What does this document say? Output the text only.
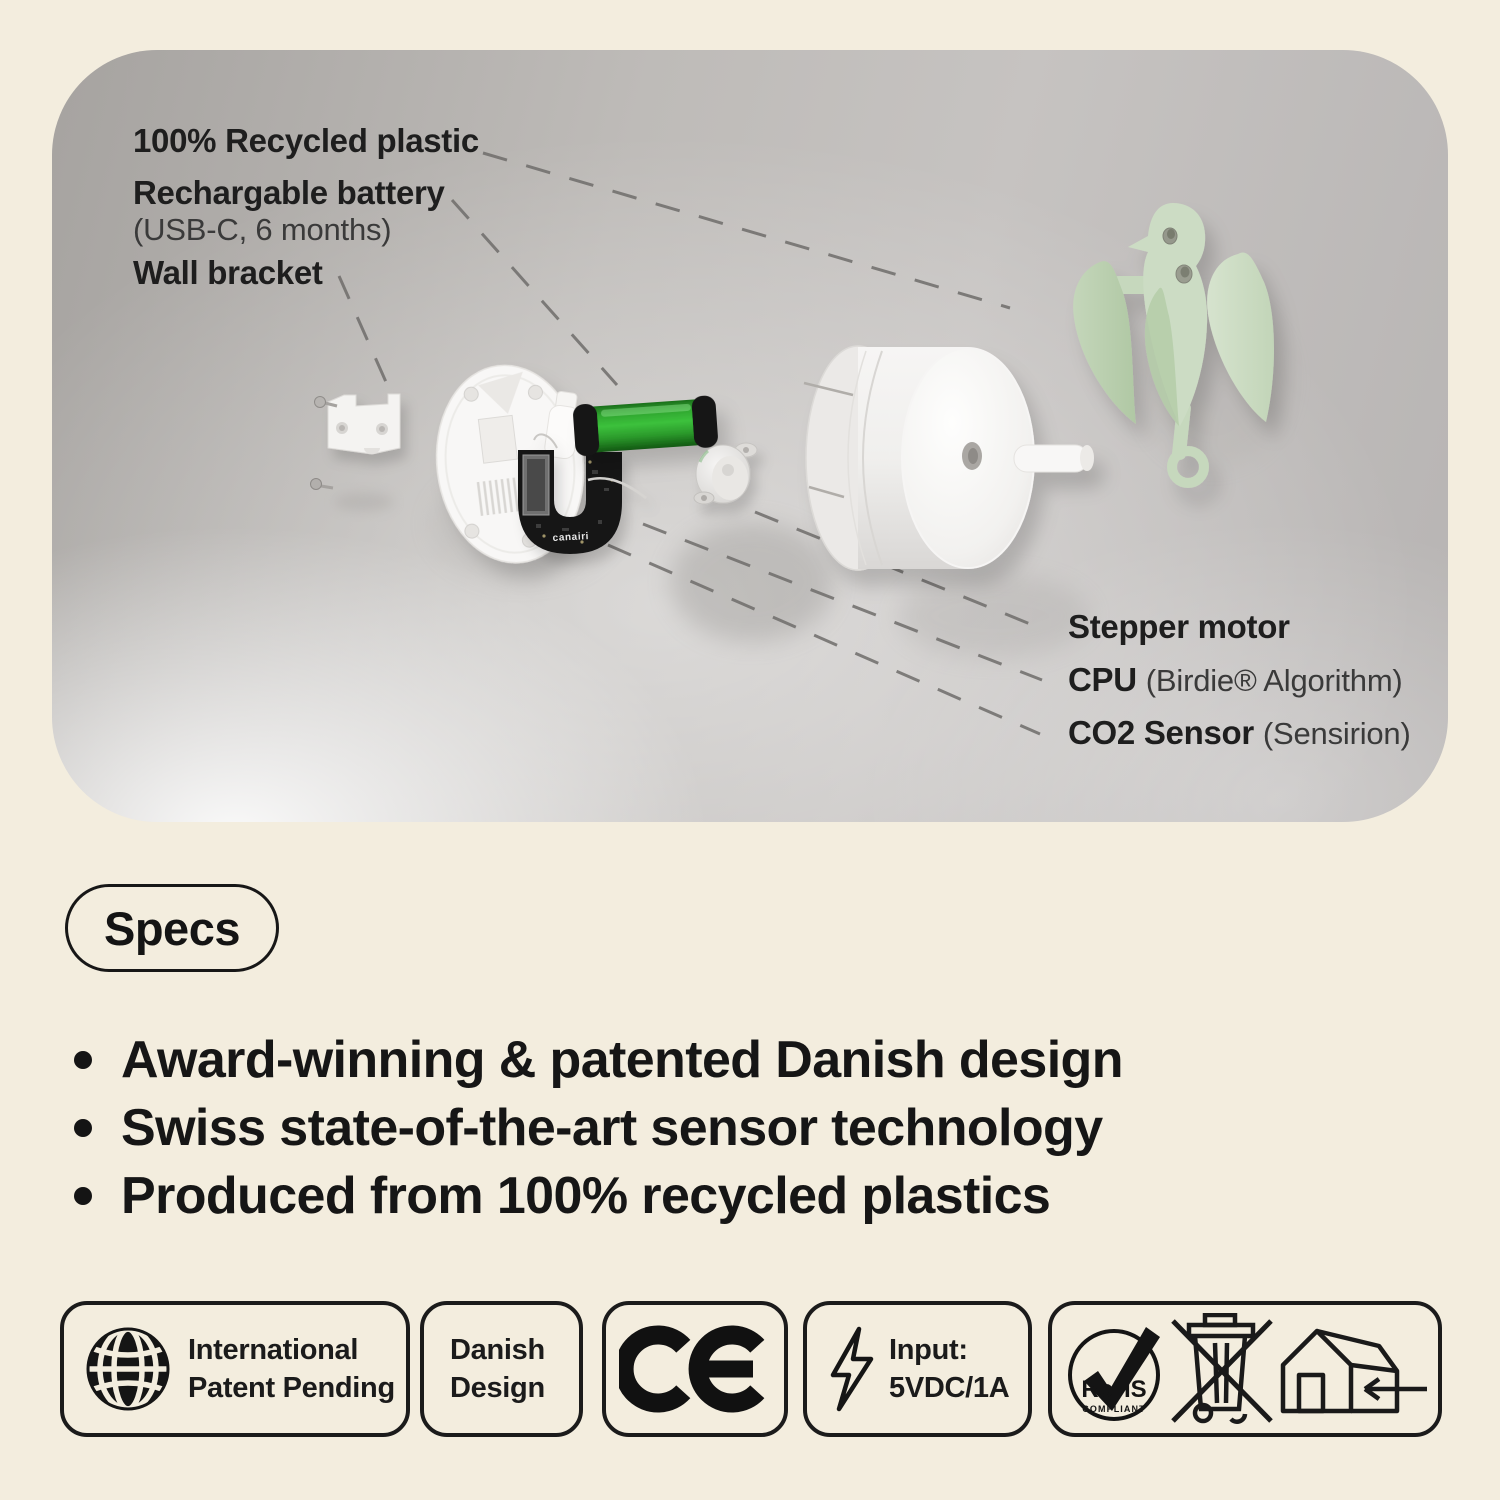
canairi
100% Recycled plastic
Rechargable battery
(USB-C, 6 months)
Wall bracket
Stepper motor
CPU (Birdie® Algorithm)
CO2 Sensor (Sensirion)
Specs
Award-winning & patented Danish design
Swiss state-of-the-art sensor technology
Produced from 100% recycled plastics
International
Patent Pending
Danish
Design
Input:
5VDC/1A	RoHS
COMPLIANT
